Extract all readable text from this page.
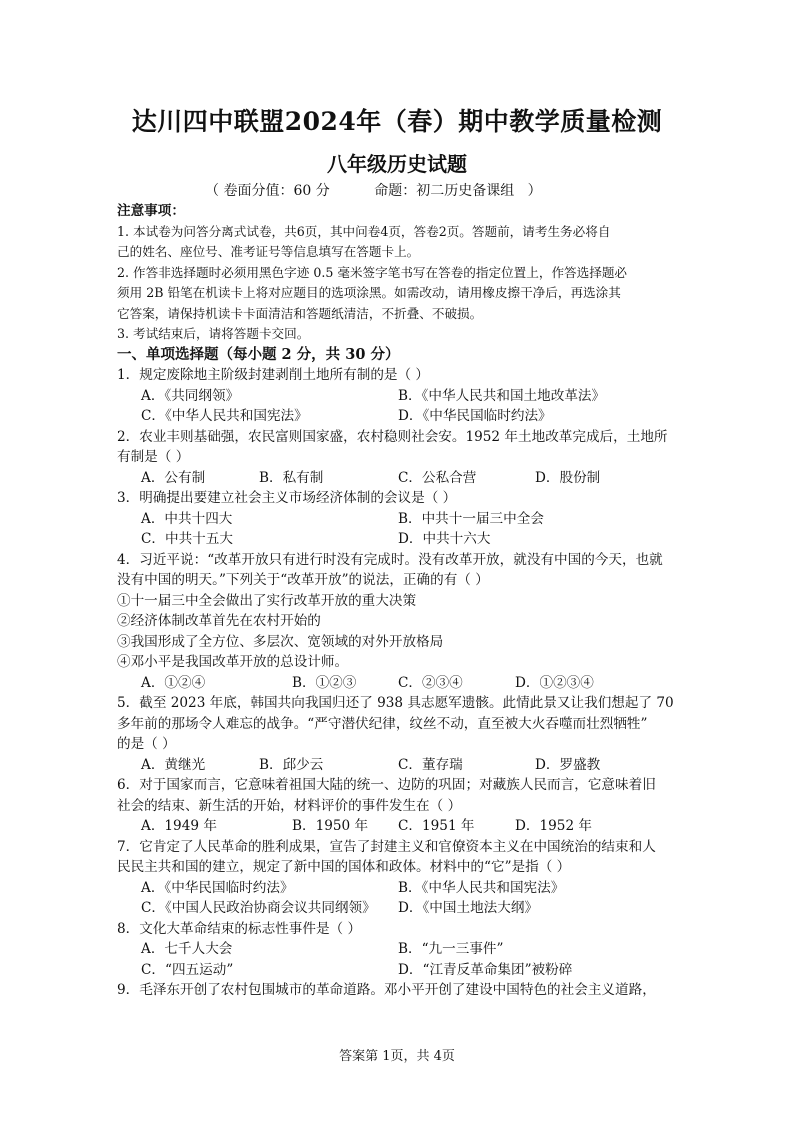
达川四中联盟2024年（春）期中教学质量检测
八年级历史试题
（ 卷面分值：60 分          命题：初二历史备课组   ）
注意事项：
1. 本试卷为问答分离式试卷，共6页，其中问卷4页，答卷2页。答题前，请考生务必将自
己的姓名、座位号、准考证号等信息填写在答题卡上。
2. 作答非选择题时必须用黑色字迹 0.5 毫米签字笔书写在答卷的指定位置上，作答选择题必
须用 2B 铅笔在机读卡上将对应题目的选项涂黑。如需改动，请用橡皮擦干净后，再选涂其
它答案，请保持机读卡卡面清洁和答题纸清洁，不折叠、不破损。
3. 考试结束后，请将答题卡交回。
一、单项选择题（每小题 2 分，共 30 分）
1．规定废除地主阶级封建剥削土地所有制的是（ ）
A．《共同纲领》	B．《中华人民共和国土地改革法》
C．《中华人民共和国宪法》	D．《中华民国临时约法》
2．农业丰则基础强，农民富则国家盛，农村稳则社会安。1952 年土地改革完成后，土地所
有制是（ ）
A．公有制	B．私有制	C．公私合营	D．股份制
3．明确提出要建立社会主义市场经济体制的会议是（ ）
A．中共十四大	B．中共十一届三中全会
C．中共十五大	D．中共十六大
4．习近平说：“改革开放只有进行时没有完成时。没有改革开放，就没有中国的今天，也就
没有中国的明天。”下列关于“改革开放”的说法，正确的有（ ）
①十一届三中全会做出了实行改革开放的重大决策
②经济体制改革首先在农村开始的
③我国形成了全方位、多层次、宽领域的对外开放格局
④邓小平是我国改革开放的总设计师。
A．①②④	B．①②③	C．②③④	D．①②③④
5．截至 2023 年底，韩国共向我国归还了 938 具志愿军遗骸。此情此景又让我们想起了 70
多年前的那场令人难忘的战争。“严守潜伏纪律，纹丝不动，直至被大火吞噬而壮烈牺牲”
的是（ ）
A．黄继光	B．邱少云	C．董存瑞	D．罗盛教
6．对于国家而言，它意味着祖国大陆的统一、边防的巩固；对藏族人民而言，它意味着旧
社会的结束、新生活的开始，材料评价的事件发生在（ ）
A．1949 年	B．1950 年 C．1951 年	D．1952 年
7．它肯定了人民革命的胜利成果，宣告了封建主义和官僚资本主义在中国统治的结束和人
民民主共和国的建立，规定了新中国的国体和政体。材料中的“它”是指（ ）
A．《中华民国临时约法》	B．《中华人民共和国宪法》
C．《中国人民政治协商会议共同纲领》 D．《中国土地法大纲》
8．文化大革命结束的标志性事件是（ ）
A．七千人大会	B．“九一三事件”
C．“四五运动”	D．“江青反革命集团”被粉碎
9．毛泽东开创了农村包围城市的革命道路。邓小平开创了建设中国特色的社会主义道路，
答案第 1页，共 4页
